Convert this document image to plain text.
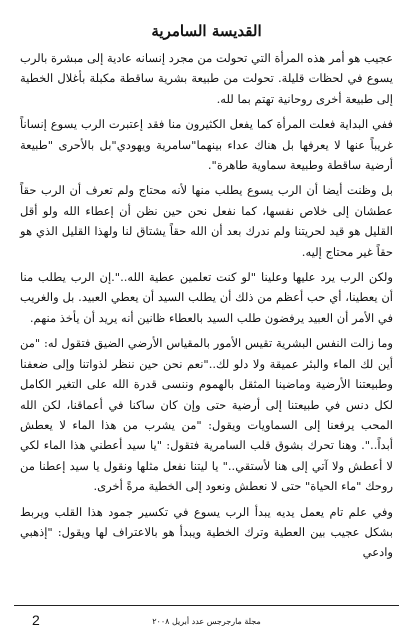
القديسة السامرية

عجيب هو أمر هذه المرأة التي تحولت من مجرد إنسانه عادية إلى مبشرة بالرب يسوع في لحظات قليلة. تحولت من طبيعة بشرية ساقطة مكبلة بأغلال الخطية إلى طبيعة أخرى روحانية تهتم بما لله.

ففي البداية فعلت المرأة كما يفعل الكثيرون منا فقد إعتبرت الرب يسوع إنساناً غريباً عنها لا يعرفها بل هناك عداء بينهما"سامرية ويهودي"بل بالأحرى "طبيعة أرضية ساقطة وطبيعة سماوية طاهرة".

بل وظنت أيضا أن الرب يسوع يطلب منها لأنه محتاج ولم تعرف أن الرب حقاً عطشان إلى خلاص نفسها، كما نفعل نحن حين نظن أن إعطاء الله ولو أقل القليل هو قيد لحريتنا ولم ندرك بعد أن الله حقاً يشتاق لنا ولهذا القليل الذي هو حقاً غير محتاج إليه.

ولكن الرب يرد عليها وعلينا "لو كنت تعلمين عطية الله..".إن الرب يطلب منا أن يعطينا، أي حب أعظم من ذلك أن يطلب السيد أن يعطي العبيد. بل والغريب في الأمر أن العبيد يرفضون طلب السيد بالعطاء ظانين أنه يريد أن يأخذ منهم.

وما زالت النفس البشرية تقيس الأمور بالمقياس الأرضي الضيق فتقول له: "من أين لك الماء والبئر عميقة ولا دلو لك.."نعم نحن حين ننظر لذواتنا وإلى ضعفنا وطبيعتنا الأرضية وماضينا المثقل بالهموم وننسى قدرة الله على التغير الكامل لكل دنس في طبيعتنا إلى أرضية حتى وإن كان ساكنا في أعماقنا، لكن الله المحب يرفعنا إلى السماويات ويقول: "من يشرب من هذا الماء لا يعطش أبداً..". وهنا تحرك بشوق قلب السامرية فتقول: "يا سيد أعطني هذا الماء لكي لا أعطش ولا آتي إلى هنا لأستقي.." يا ليتنا نفعل مثلها ونقول يا سيد إعطنا من روحك "ماء الحياة" حتى لا نعطش ونعود إلى الخطية مرةً أخرى.

وفي علم تام يعمل يديه يبدأ الرب يسوع في تكسير جمود هذا القلب ويربط بشكل عجيب بين العطية وترك الخطية ويبدأ هو بالاعتراف لها ويقول: "إذهبي وادعي

2	مجلة مارجرجس عدد أبريل ٢٠٠٨
